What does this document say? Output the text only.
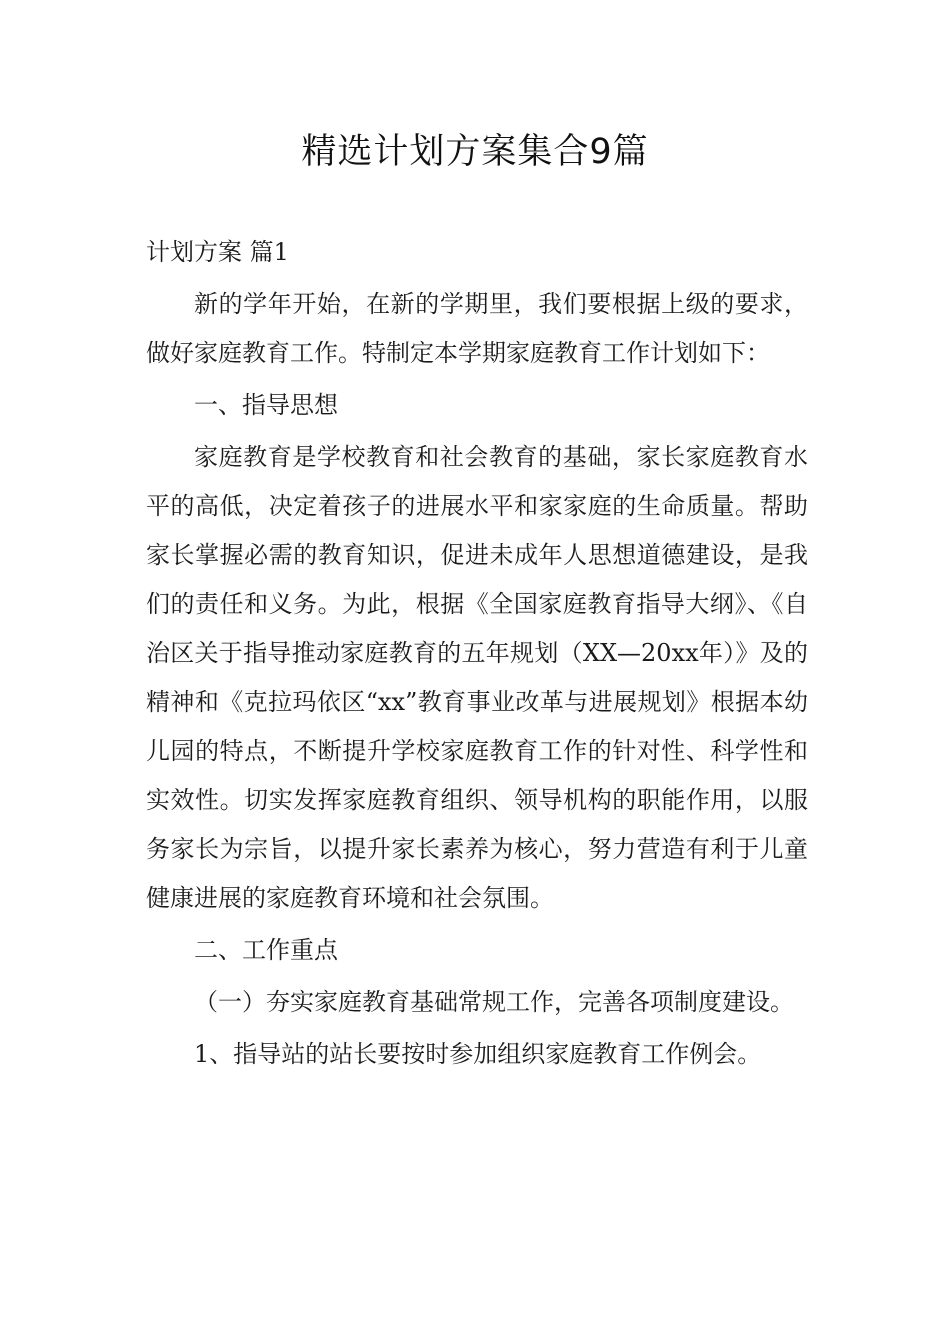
精选计划方案集合9篇

计划方案 篇1

新的学年开始，在新的学期里，我们要根据上级的要求，做好家庭教育工作。特制定本学期家庭教育工作计划如下：

一、指导思想

家庭教育是学校教育和社会教育的基础，家长家庭教育水平的高低，决定着孩子的进展水平和家家庭的生命质量。帮助家长掌握必需的教育知识，促进未成年人思想道德建设，是我们的责任和义务。为此，根据《全国家庭教育指导大纲》、《自治区关于指导推动家庭教育的五年规划（XX—20xx年）》及的精神和《克拉玛依区“xx”教育事业改革与进展规划》根据本幼儿园的特点，不断提升学校家庭教育工作的针对性、科学性和实效性。切实发挥家庭教育组织、领导机构的职能作用，以服务家长为宗旨，以提升家长素养为核心，努力营造有利于儿童健康进展的家庭教育环境和社会氛围。

二、工作重点

（一）夯实家庭教育基础常规工作，完善各项制度建设。

1、指导站的站长要按时参加组织家庭教育工作例会。
